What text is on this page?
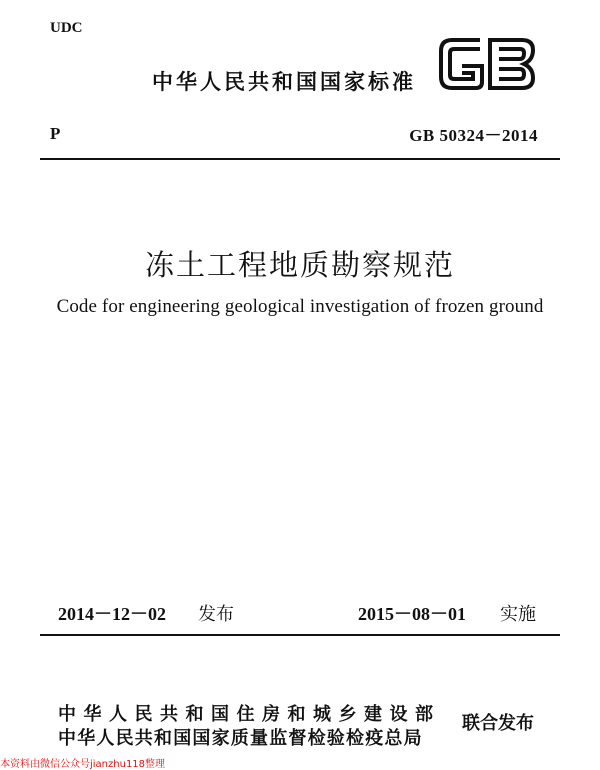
UDC
中华人民共和国国家标准
P	GB 50324－2014
冻土工程地质勘察规范
Code for engineering geological investigation of frozen ground
2014－12－02 发布	2015－08－01 实施
中华人民共和国住房和城乡建设部
中华人民共和国国家质量监督检验检疫总局
联合发布
本资料由微信公众号jianzhu118整理
